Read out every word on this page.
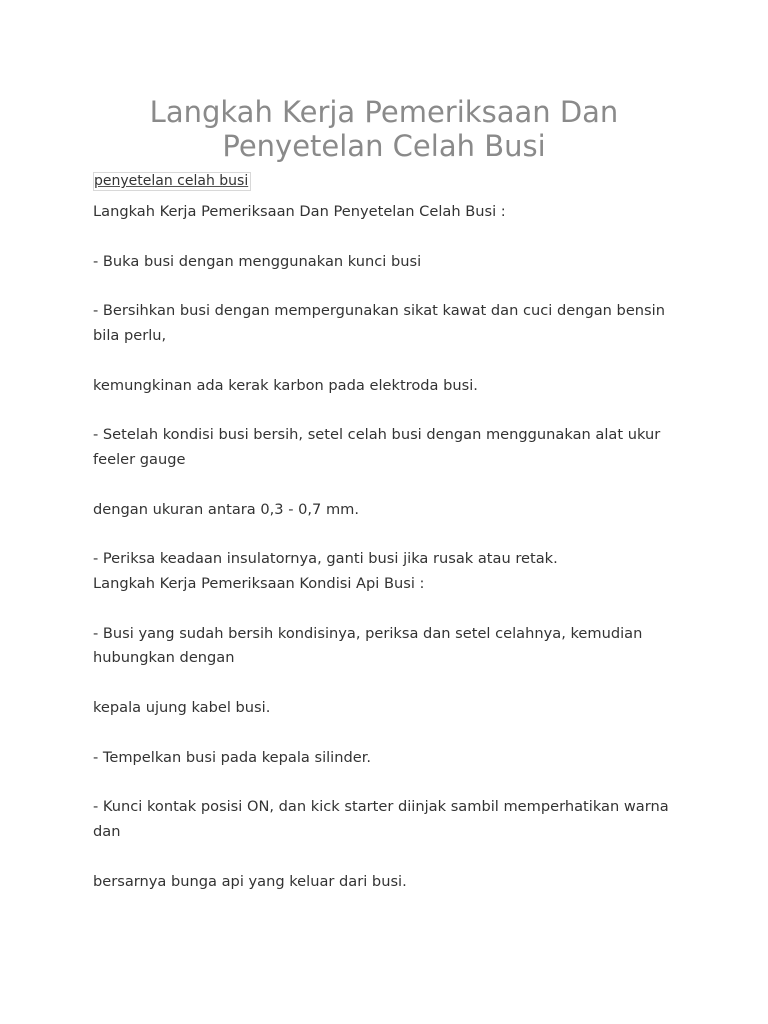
Langkah Kerja Pemeriksaan Dan
Penyetelan Celah Busi
penyetelan celah busi

Langkah Kerja Pemeriksaan Dan Penyetelan Celah Busi :

- Buka busi dengan menggunakan kunci busi

- Bersihkan busi dengan mempergunakan sikat kawat dan cuci dengan bensin bila perlu,

kemungkinan ada kerak karbon pada elektroda busi.

- Setelah kondisi busi bersih, setel celah busi dengan menggunakan alat ukur feeler gauge

dengan ukuran antara 0,3 - 0,7 mm.

- Periksa keadaan insulatornya, ganti busi jika rusak atau retak.

Langkah Kerja Pemeriksaan Kondisi Api Busi :

- Busi yang sudah bersih kondisinya, periksa dan setel celahnya, kemudian hubungkan dengan

kepala ujung kabel busi.

- Tempelkan busi pada kepala silinder.

- Kunci kontak posisi ON, dan kick starter diinjak sambil memperhatikan warna dan

bersarnya bunga api yang keluar dari busi.
